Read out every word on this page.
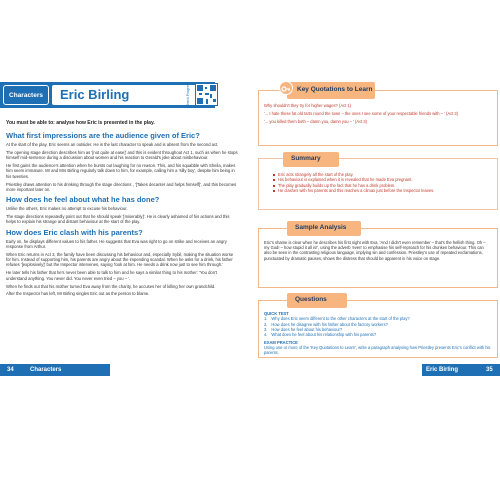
Characters	Eric Birling	Check Progress
You must be able to: analyse how Eric is presented in the play.
What first impressions are the audience given of Eric?
At the start of the play, Eric seems an outsider. He is the last character to speak and is absent from the second act.
The opening stage direction describes him as '[not quite at ease]' and this is evident throughout Act 1, such as when he stops himself mid-sentence during a discussion about women and his reaction to Gerald's joke about misbehaviour.
He first gains the audience's attention when he bursts out laughing for no reason. This, and his squabble with Sheila, makes him seem immature. Mr and Mrs Birling regularly talk down to him, for example, calling him a 'silly boy', despite him being in his twenties.
Priestley draws attention to his drinking through the stage directions , '[Takes decanter and helps himself]', and this becomes more important later on.
How does he feel about what he has done?
Unlike the others, Eric makes no attempt to excuse his behaviour.
The stage directions repeatedly point out that he should speak '[miserably]'. He is clearly ashamed of his actions and this helps to explain his strange and distant behaviour at the start of the play.
How does Eric clash with his parents?
Early on, he displays different values to his father. He suggests that Eva was right to go on strike and receives an angry response from Arthur.
When Eric returns in Act 3, the family have been discussing his behaviour and, especially Sybil, making the situation worse for him. Instead of supporting him, his parents are angry about the impending scandal. When he asks for a drink, his father refuses '[explosively]' but the Inspector intervenes, saying 'look at him. He needs a drink now just to see him through.'
He later tells his father that he's never been able to talk to him and he says a similar thing to his mother: 'You don't understand anything. You never did. You never even tried – you – '.
When he finds out that his mother turned Eva away from the charity, he accuses her of killing her own grandchild.
After the Inspector has left, Mr Birling singles Eric out as the person to blame.
34	Characters
Key Quotations to Learn
Why shouldn't they try for higher wages? (Act 1)
'... I hate these fat old tarts round the town – the ones I see some of your respectable friends with – ' (Act 3)
'... you killed them both – damn you, damn you – ' (Act 3)
Summary
Eric acts strangely all the start of the play.
His behaviour is explained when it is revealed that he made Eva pregnant.
The play gradually builds up the fact that he has a drink problem.
He clashes with his parents and this reaches a climax just before the Inspector leaves.
Sample Analysis
Eric's shame is clear when he describes his first night with Eva, 'And I didn't even remember – that's the hellish thing. Oh – my God! – how stupid it all is!', using the adverb 'even' to emphasise his self-reproach for his drunken behaviour. This can also be seen in the contrasting religious language, implying sin and confession. Priestley's use of repeated exclamations, punctuated by dramatic pauses, shows the distress that should be apparent in his voice on stage.
Questions
QUICK TEST
1. Why does Eric seem different to the other characters at the start of the play?
2. How does he disagree with his father about the factory workers?
3. How does he feel about his behaviour?
4. What does he feel about his relationship with his parents?
EXAM PRACTICE
Using one or more of the 'Key Quotations to Learn', write a paragraph analysing how Priestley presents Eric's conflict with his parents.
Eric Birling	35
